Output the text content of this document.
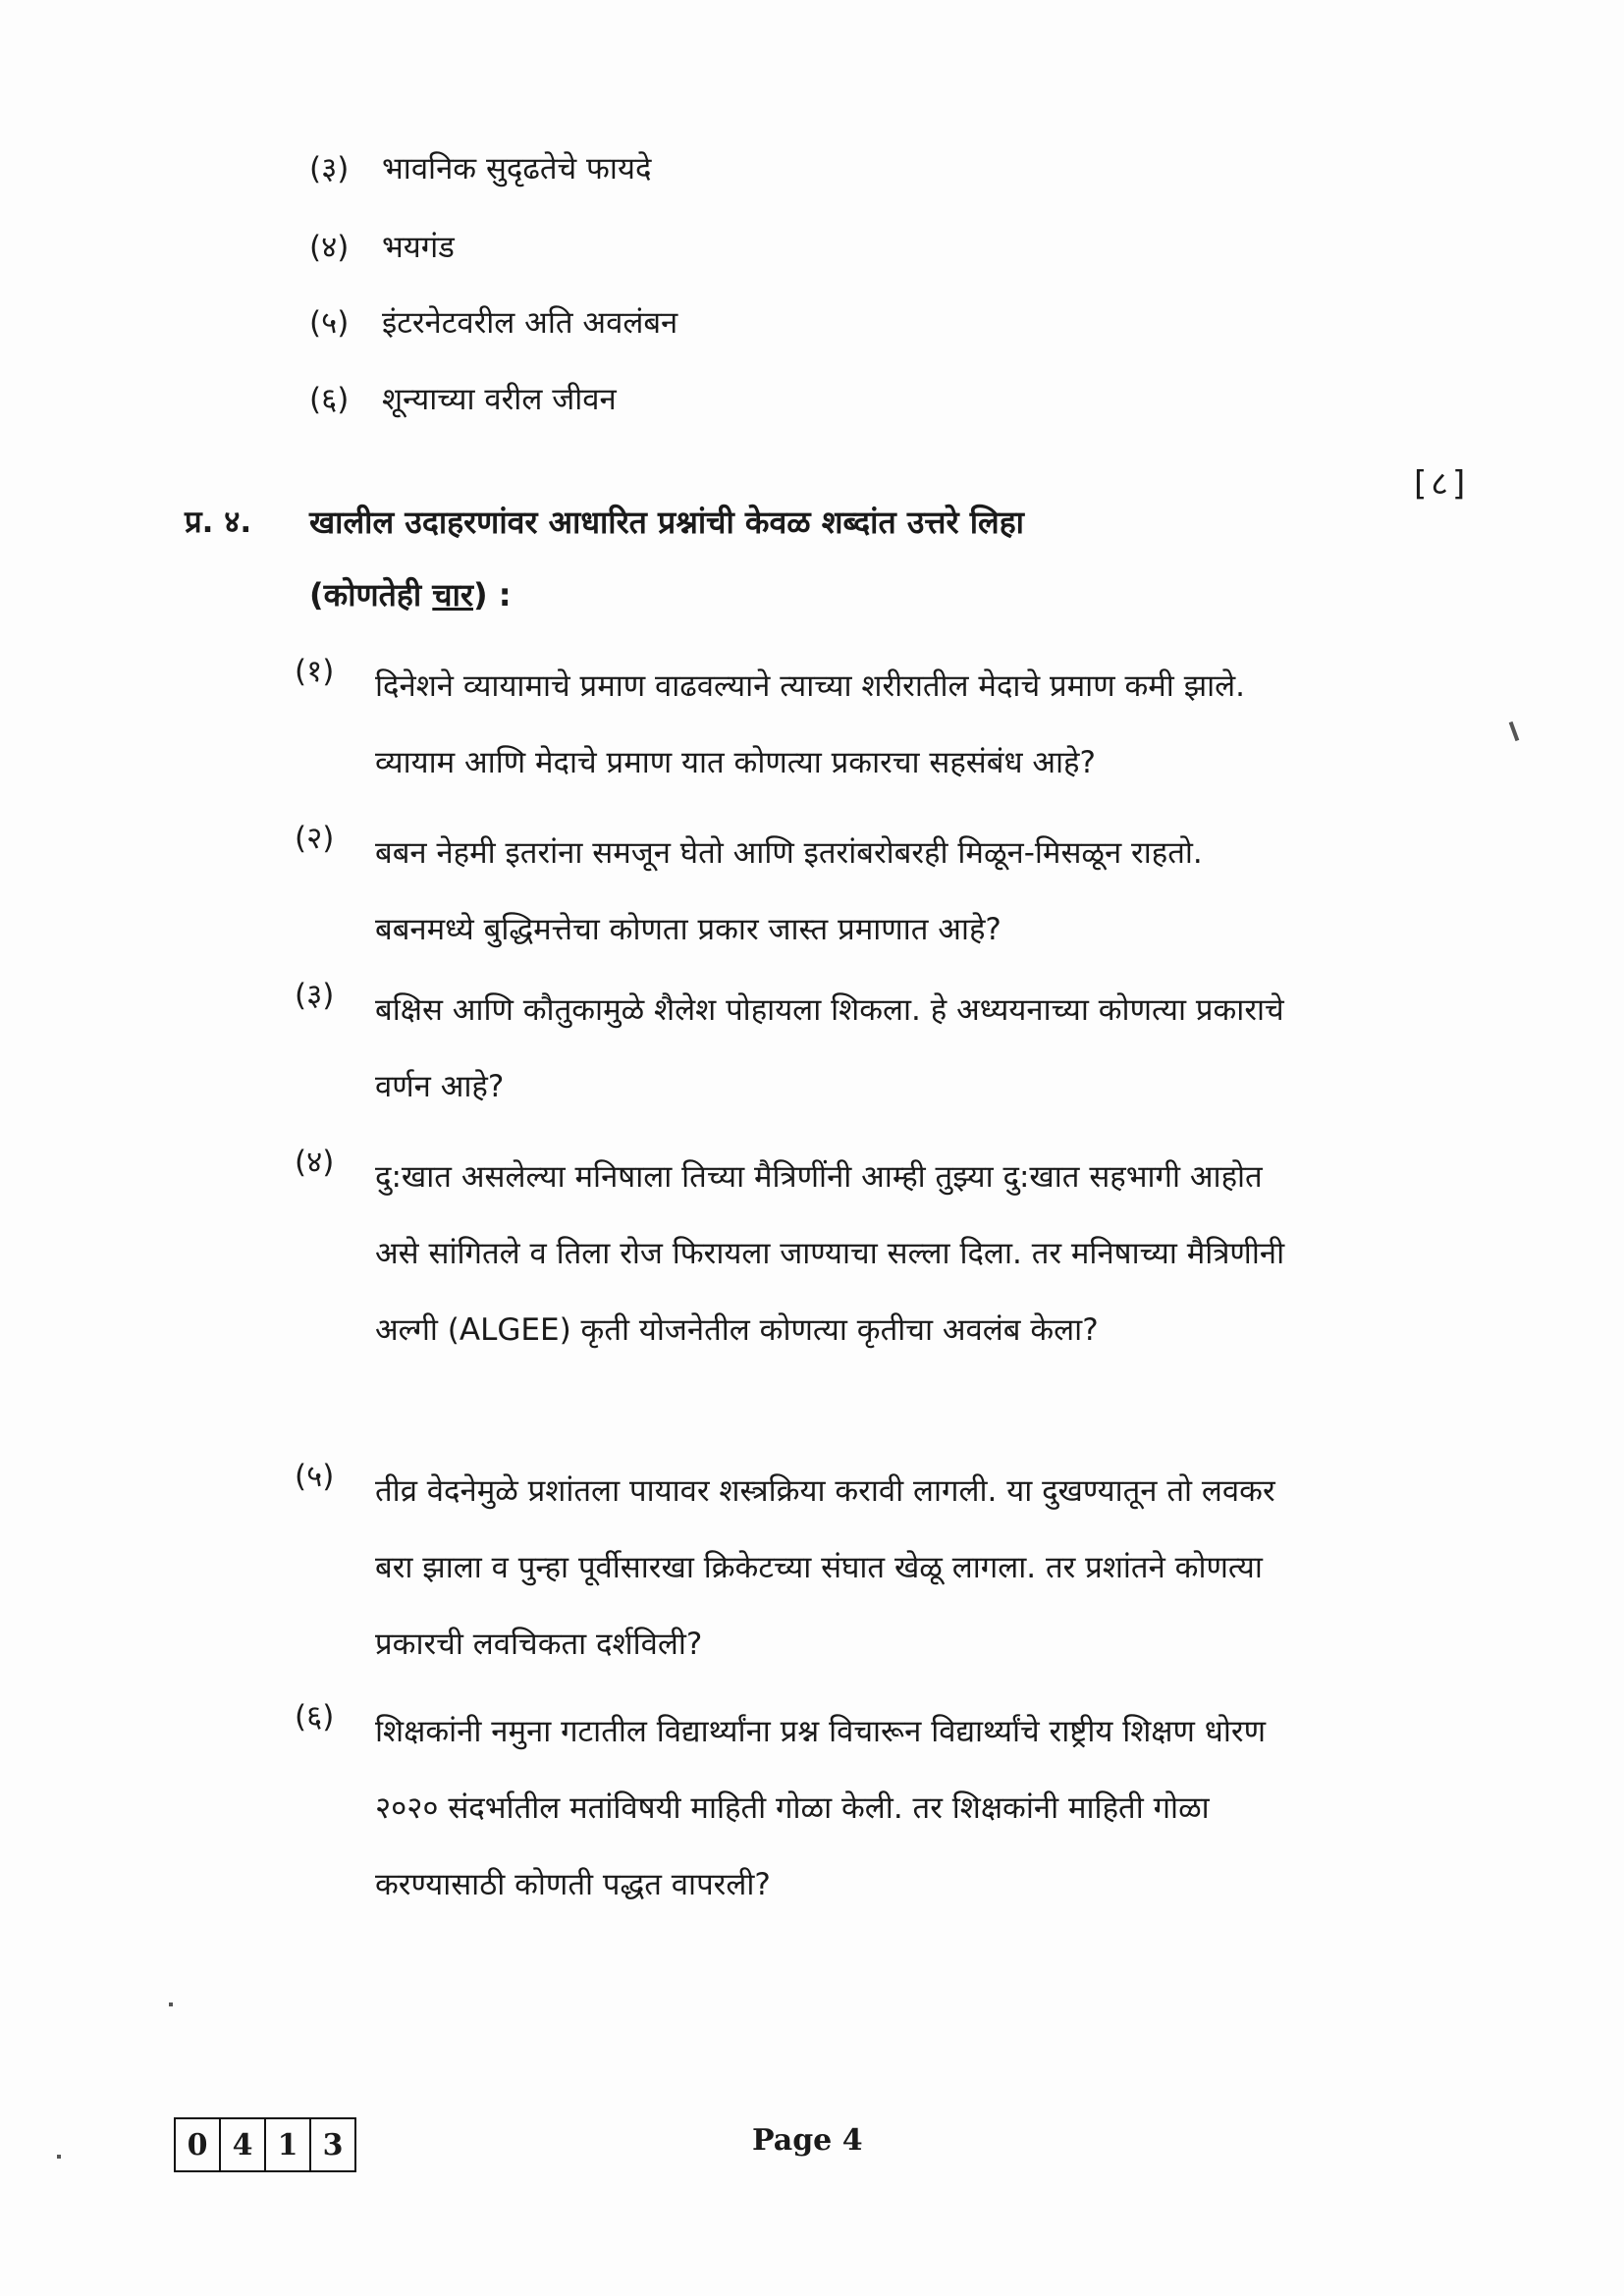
(३)	भावनिक सुदृढतेचे फायदे
(४)	भयगंड
(५)	इंटरनेटवरील अति अवलंबन
(६)	शून्याच्या वरील जीवन
प्र. ४. खालील उदाहरणांवर आधारित प्रश्नांची केवळ शब्दांत उत्तरे लिहा
(कोणतेही चार) :
[८]
(१)	दिनेशने व्यायामाचे प्रमाण वाढवल्याने त्याच्या शरीरातील मेदाचे प्रमाण कमी झाले. व्यायाम आणि मेदाचे प्रमाण यात कोणत्या प्रकारचा सहसंबंध आहे?
(२)	बबन नेहमी इतरांना समजून घेतो आणि इतरांबरोबरही मिळून-मिसळून राहतो. बबनमध्ये बुद्धिमत्तेचा कोणता प्रकार जास्त प्रमाणात आहे?
(३)	बक्षिस आणि कौतुकामुळे शैलेश पोहायला शिकला. हे अध्ययनाच्या कोणत्या प्रकाराचे वर्णन आहे?
(४)	दु:खात असलेल्या मनिषाला तिच्या मैत्रिणींनी आम्ही तुझ्या दु:खात सहभागी आहोत असे सांगितले व तिला रोज फिरायला जाण्याचा सल्ला दिला. तर मनिषाच्या मैत्रिणीनी अल्गी (ALGEE) कृती योजनेतील कोणत्या कृतीचा अवलंब केला?
(५)	तीव्र वेदनेमुळे प्रशांतला पायावर शस्त्रक्रिया करावी लागली. या दुखण्यातून तो लवकर बरा झाला व पुन्हा पूर्वीसारखा क्रिकेटच्या संघात खेळू लागला. तर प्रशांतने कोणत्या प्रकारची लवचिकता दर्शविली?
(६)	शिक्षकांनी नमुना गटातील विद्यार्थ्यांना प्रश्न विचारून विद्यार्थ्यांचे राष्ट्रीय शिक्षण धोरण २०२० संदर्भातील मतांविषयी माहिती गोळा केली. तर शिक्षकांनी माहिती गोळा करण्यासाठी कोणती पद्धत वापरली?
0 4 1 3	Page 4
